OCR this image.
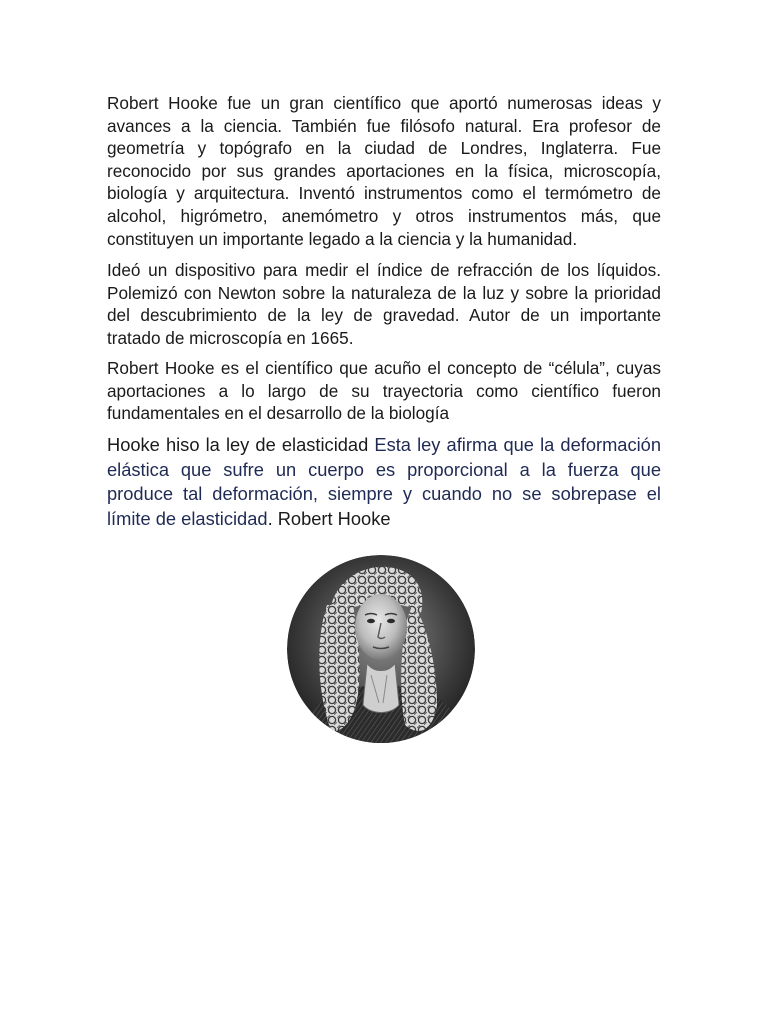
Robert Hooke fue un gran científico que aportó numerosas ideas y avances a la ciencia. También fue filósofo natural. Era profesor de geometría y topógrafo en la ciudad de Londres, Inglaterra. Fue reconocido por sus grandes aportaciones en la física, microscopía, biología y arquitectura. Inventó instrumentos como el termómetro de alcohol, higrómetro, anemómetro y otros instrumentos más, que constituyen un importante legado a la ciencia y la humanidad.

Ideó un dispositivo para medir el índice de refracción de los líquidos. Polemizó con Newton sobre la naturaleza de la luz y sobre la prioridad del descubrimiento de la ley de gravedad. Autor de un importante tratado de microscopía en 1665.

Robert Hooke es el científico que acuño el concepto de “célula”, cuyas aportaciones a lo largo de su trayectoria como científico fueron fundamentales en el desarrollo de la biología

Hooke hiso la ley de elasticidad Esta ley afirma que la deformación elástica que sufre un cuerpo es proporcional a la fuerza que produce tal deformación, siempre y cuando no se sobrepase el límite de elasticidad. Robert Hooke
